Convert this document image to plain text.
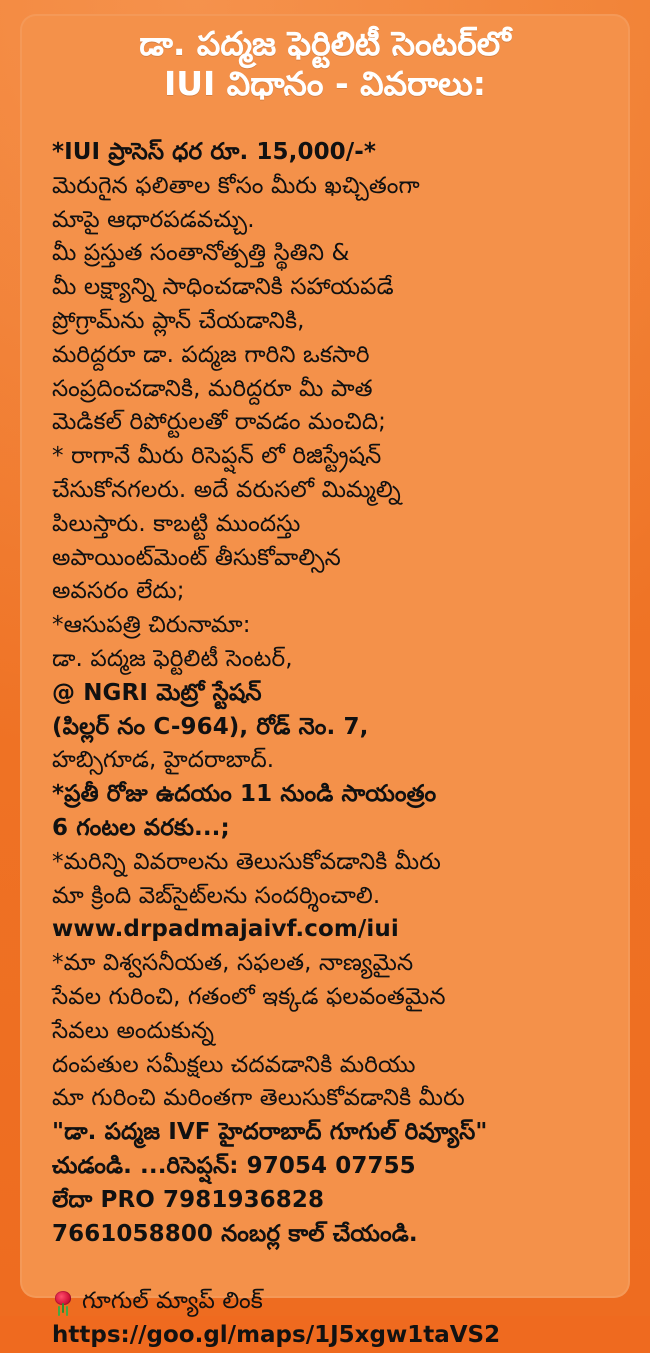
డా. పద్మజ ఫెర్టిలిటీ సెంటర్‌లో
IUI విధానం - వివరాలు:
*IUI ప్రాసెస్ ధర రూ. 15,000/-*
మెరుగైన ఫలితాల కోసం మీరు ఖచ్చితంగా
మాపై ఆధారపడవచ్చు.
మీ ప్రస్తుత సంతానోత్పత్తి స్థితిని &
మీ లక్ష్యాన్ని సాధించడానికి సహాయపడే
ప్రోగ్రామ్‌ను ప్లాన్ చేయడానికి,
మరిద్దరూ డా. పద్మజ గారిని ఒకసారి
సంప్రదించడానికి, మరిద్దరూ మీ పాత
మెడికల్ రిపోర్టులతో రావడం మంచిది;
* రాగానే మీరు రిసెప్షన్ లో రిజిస్ట్రేషన్
చేసుకోనగలరు. అదే వరుసలో మిమ్మల్ని
పిలుస్తారు. కాబట్టి ముందస్తు
అపాయింట్‌మెంట్ తీసుకోవాల్సిన
అవసరం లేదు;
*ఆసుపత్రి చిరునామా:
డా. పద్మజ ఫెర్టిలిటీ సెంటర్,
@ NGRI మెట్రో స్టేషన్
(పిల్లర్ నం C-964), రోడ్ నెం. 7,
హబ్సిగూడ, హైదరాబాద్.
*ప్రతీ రోజు ఉదయం 11 నుండి సాయంత్రం
6 గంటల వరకు...;
*మరిన్ని వివరాలను తెలుసుకోవడానికి మీరు
మా క్రింది వెబ్‌సైట్‌లను సందర్శించాలి.
www.drpadmajaivf.com/iui
*మా విశ్వసనీయత, సఫలత, నాణ్యమైన
సేవల గురించి, గతంలో ఇక్కడ ఫలవంతమైన
సేవలు అందుకున్న
దంపతుల సమీక్షలు చదవడానికి మరియు
మా గురించి మరింతగా తెలుసుకోవడానికి మీరు
"డా. పద్మజ IVF హైదరాబాద్ గూగుల్ రివ్యూస్"
చుడండి. ...రిసెప్షన్: 97054 07755
లేదా PRO 7981936828
7661058800 నంబర్ల కాల్ చేయండి.
గూగుల్ మ్యాప్ లింక్
https://goo.gl/maps/1J5xgw1taVS2
